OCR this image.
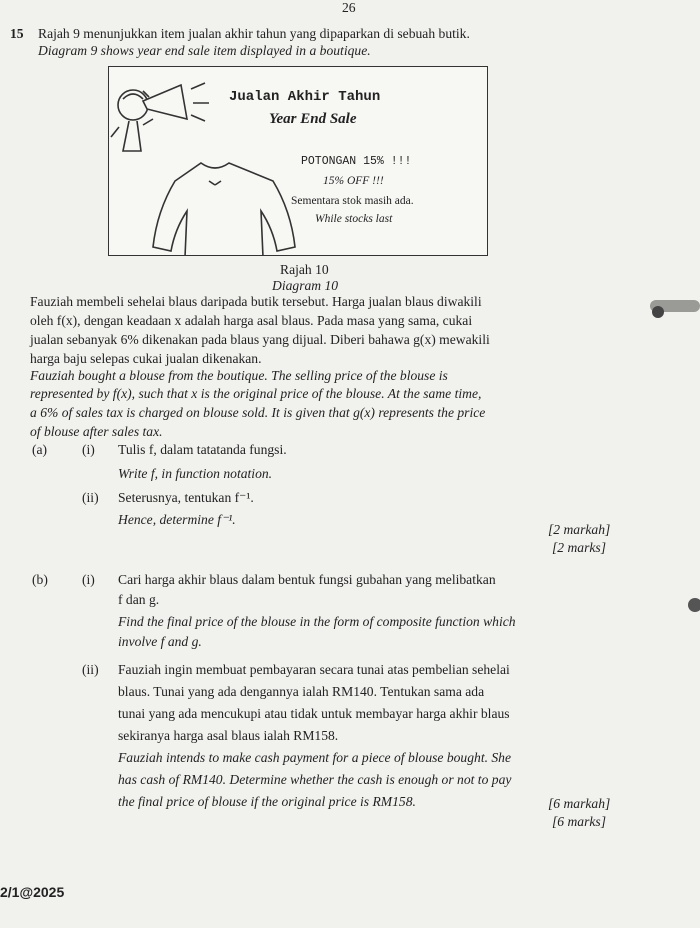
26
15 Rajah 9 menunjukkan item jualan akhir tahun yang dipaparkan di sebuah butik.
Diagram 9 shows year end sale item displayed in a boutique.
Jualan Akhir Tahun
Year End Sale
POTONGAN 15% !!!
15% OFF !!!
Sementara stok masih ada.
While stocks last
Rajah 10
Diagram 10
Fauziah membeli sehelai blaus daripada butik tersebut. Harga jualan blaus diwakili
oleh f(x), dengan keadaan x adalah harga asal blaus. Pada masa yang sama, cukai
jualan sebanyak 6% dikenakan pada blaus yang dijual. Diberi bahawa g(x) mewakili
harga baju selepas cukai jualan dikenakan.
Fauziah bought a blouse from the boutique. The selling price of the blouse is
represented by f(x), such that x is the original price of the blouse. At the same time,
a 6% of sales tax is charged on blouse sold. It is given that g(x) represents the price
of blouse after sales tax.
(a)	(i) Tulis f, dalam tatatanda fungsi.
Write f, in function notation.
(ii) Seterusnya, tentukan f⁻¹.
Hence, determine f⁻¹.
[2 markah]
[2 marks]
(b)	(i) Cari harga akhir blaus dalam bentuk fungsi gubahan yang melibatkan
f dan g.
Find the final price of the blouse in the form of composite function which
involve f and g.
(ii) Fauziah ingin membuat pembayaran secara tunai atas pembelian sehelai
blaus. Tunai yang ada dengannya ialah RM140. Tentukan sama ada
tunai yang ada mencukupi atau tidak untuk membayar harga akhir blaus
sekiranya harga asal blaus ialah RM158.
Fauziah intends to make cash payment for a piece of blouse bought. She
has cash of RM140. Determine whether the cash is enough or not to pay
the final price of blouse if the original price is RM158.	[6 markah]
[6 marks]
2/1@2025
